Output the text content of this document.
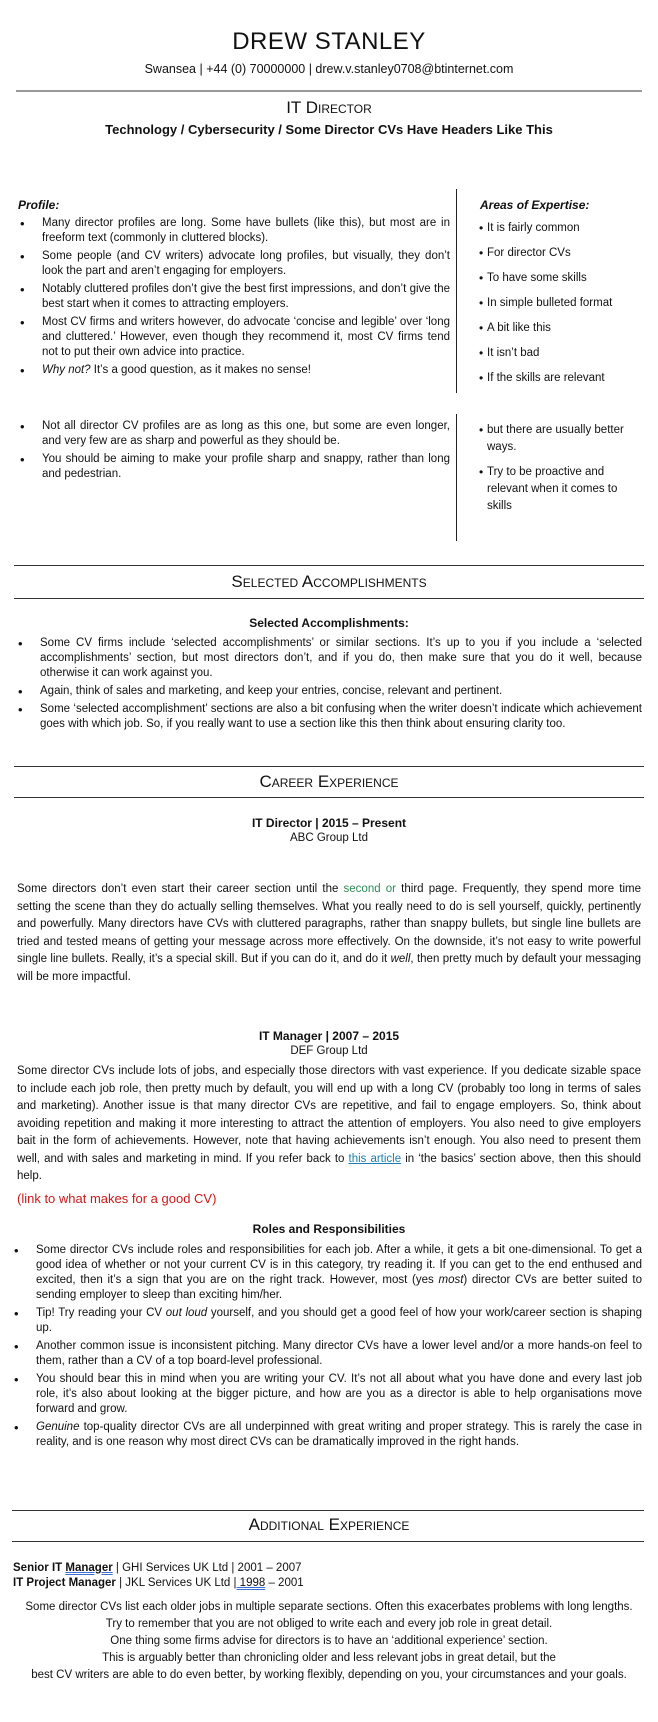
DREW STANLEY
Swansea | +44 (0) 70000000 | drew.v.stanley0708@btinternet.com
IT Director
Technology / Cybersecurity / Some Director CVs Have Headers Like This
Profile:
• Many director profiles are long. Some have bullets (like this), but most are in freeform text (commonly in cluttered blocks).
• Some people (and CV writers) advocate long profiles, but visually, they don’t look the part and aren’t engaging for employers.
• Notably cluttered profiles don’t give the best first impressions, and don’t give the best start when it comes to attracting employers.
• Most CV firms and writers however, do advocate ‘concise and legible’ over ‘long and cluttered.’ However, even though they recommend it, most CV firms tend not to put their own advice into practice.
• Why not? It’s a good question, as it makes no sense!
Areas of Expertise:
• It is fairly common
• For director CVs
• To have some skills
• In simple bulleted format
• A bit like this
• It isn’t bad
• If the skills are relevant
• Not all director CV profiles are as long as this one, but some are even longer, and very few are as sharp and powerful as they should be.
• You should be aiming to make your profile sharp and snappy, rather than long and pedestrian.
• but there are usually better ways.
• Try to be proactive and relevant when it comes to skills
Selected Accomplishments
Selected Accomplishments:
• Some CV firms include ‘selected accomplishments’ or similar sections. It’s up to you if you include a ‘selected accomplishments’ section, but most directors don’t, and if you do, then make sure that you do it well, because otherwise it can work against you.
• Again, think of sales and marketing, and keep your entries, concise, relevant and pertinent.
• Some ‘selected accomplishment’ sections are also a bit confusing when the writer doesn’t indicate which achievement goes with which job. So, if you really want to use a section like this then think about ensuring clarity too.
Career Experience
IT Director | 2015 – Present
ABC Group Ltd
Some directors don’t even start their career section until the second or third page. Frequently, they spend more time setting the scene than they do actually selling themselves. What you really need to do is sell yourself, quickly, pertinently and powerfully. Many directors have CVs with cluttered paragraphs, rather than snappy bullets, but single line bullets are tried and tested means of getting your message across more effectively. On the downside, it’s not easy to write powerful single line bullets. Really, it’s a special skill. But if you can do it, and do it well, then pretty much by default your messaging will be more impactful.
IT Manager | 2007 – 2015
DEF Group Ltd
Some director CVs include lots of jobs, and especially those directors with vast experience. If you dedicate sizable space to include each job role, then pretty much by default, you will end up with a long CV (probably too long in terms of sales and marketing). Another issue is that many director CVs are repetitive, and fail to engage employers. So, think about avoiding repetition and making it more interesting to attract the attention of employers. You also need to give employers bait in the form of achievements. However, note that having achievements isn’t enough. You also need to present them well, and with sales and marketing in mind. If you refer back to this article in ‘the basics’ section above, then this should help.
(link to what makes for a good CV)
Roles and Responsibilities
• Some director CVs include roles and responsibilities for each job. After a while, it gets a bit one-dimensional. To get a good idea of whether or not your current CV is in this category, try reading it. If you can get to the end enthused and excited, then it’s a sign that you are on the right track. However, most (yes most) director CVs are better suited to sending employer to sleep than exciting him/her.
• Tip! Try reading your CV out loud yourself, and you should get a good feel of how your work/career section is shaping up.
• Another common issue is inconsistent pitching. Many director CVs have a lower level and/or a more hands-on feel to them, rather than a CV of a top board-level professional.
• You should bear this in mind when you are writing your CV. It’s not all about what you have done and every last job role, it’s also about looking at the bigger picture, and how are you as a director is able to help organisations move forward and grow.
• Genuine top-quality director CVs are all underpinned with great writing and proper strategy. This is rarely the case in reality, and is one reason why most direct CVs can be dramatically improved in the right hands.
Additional Experience
Senior IT Manager | GHI Services UK Ltd | 2001 – 2007
IT Project Manager | JKL Services UK Ltd | 1998 – 2001
Some director CVs list each older jobs in multiple separate sections. Often this exacerbates problems with long lengths.
Try to remember that you are not obliged to write each and every job role in great detail.
One thing some firms advise for directors is to have an ‘additional experience’ section.
This is arguably better than chronicling older and less relevant jobs in great detail, but the
best CV writers are able to do even better, by working flexibly, depending on you, your circumstances and your goals.
